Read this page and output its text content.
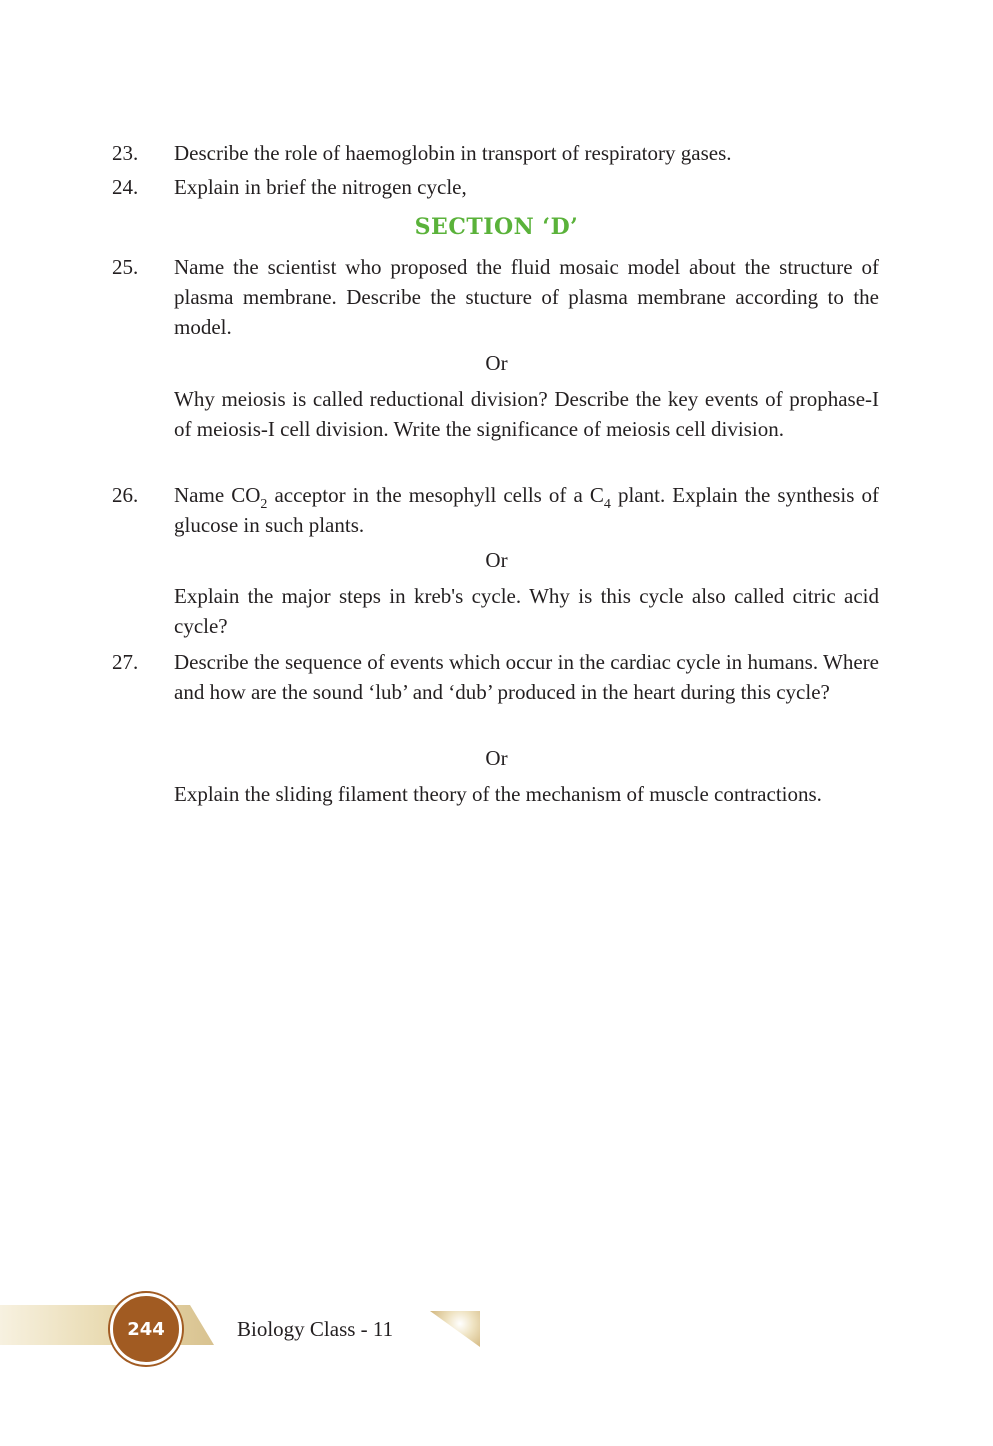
23.	Describe the role of haemoglobin in transport of respiratory gases.
24.	Explain in brief the nitrogen cycle,
SECTION ‘D’
25.	Name the scientist who proposed the fluid mosaic model about the structure of plasma membrane. Describe the stucture of plasma membrane according to the model.
Or
Why meiosis is called reductional division? Describe the key events of prophase-I of meiosis-I cell division. Write the significance of meiosis cell division.
26.	Name $CO_2$ acceptor in the mesophyll cells of a $C_4$ plant. Explain the synthesis of glucose in such plants.
Or
Explain the major steps in kreb's cycle. Why is this cycle also called citric acid cycle?
27.	Describe the sequence of events which occur in the cardiac cycle in humans. Where and how are the sound ‘lub’ and ‘dub’ produced in the heart during this cycle?
Or
Explain the sliding filament theory of the mechanism of muscle contractions.
244	Biology Class - 11
